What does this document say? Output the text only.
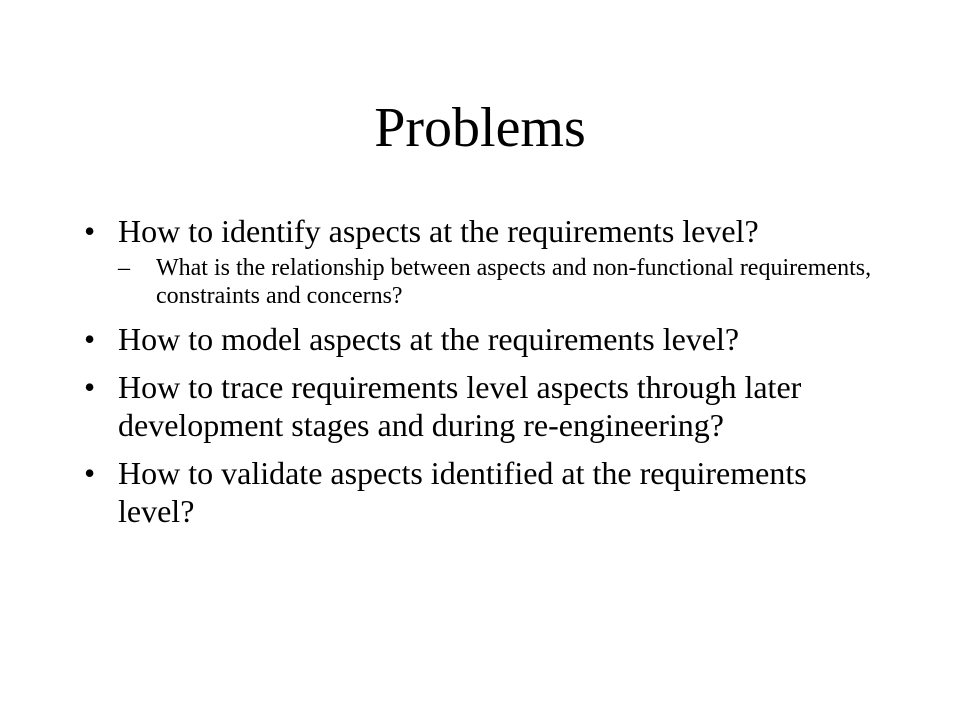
Problems
• How to identify aspects at the requirements level?
– What is the relationship between aspects and non-functional requirements, constraints and concerns?
• How to model aspects at the requirements level?
• How to trace requirements level aspects through later development stages and during re-engineering?
• How to validate aspects identified at the requirements level?
